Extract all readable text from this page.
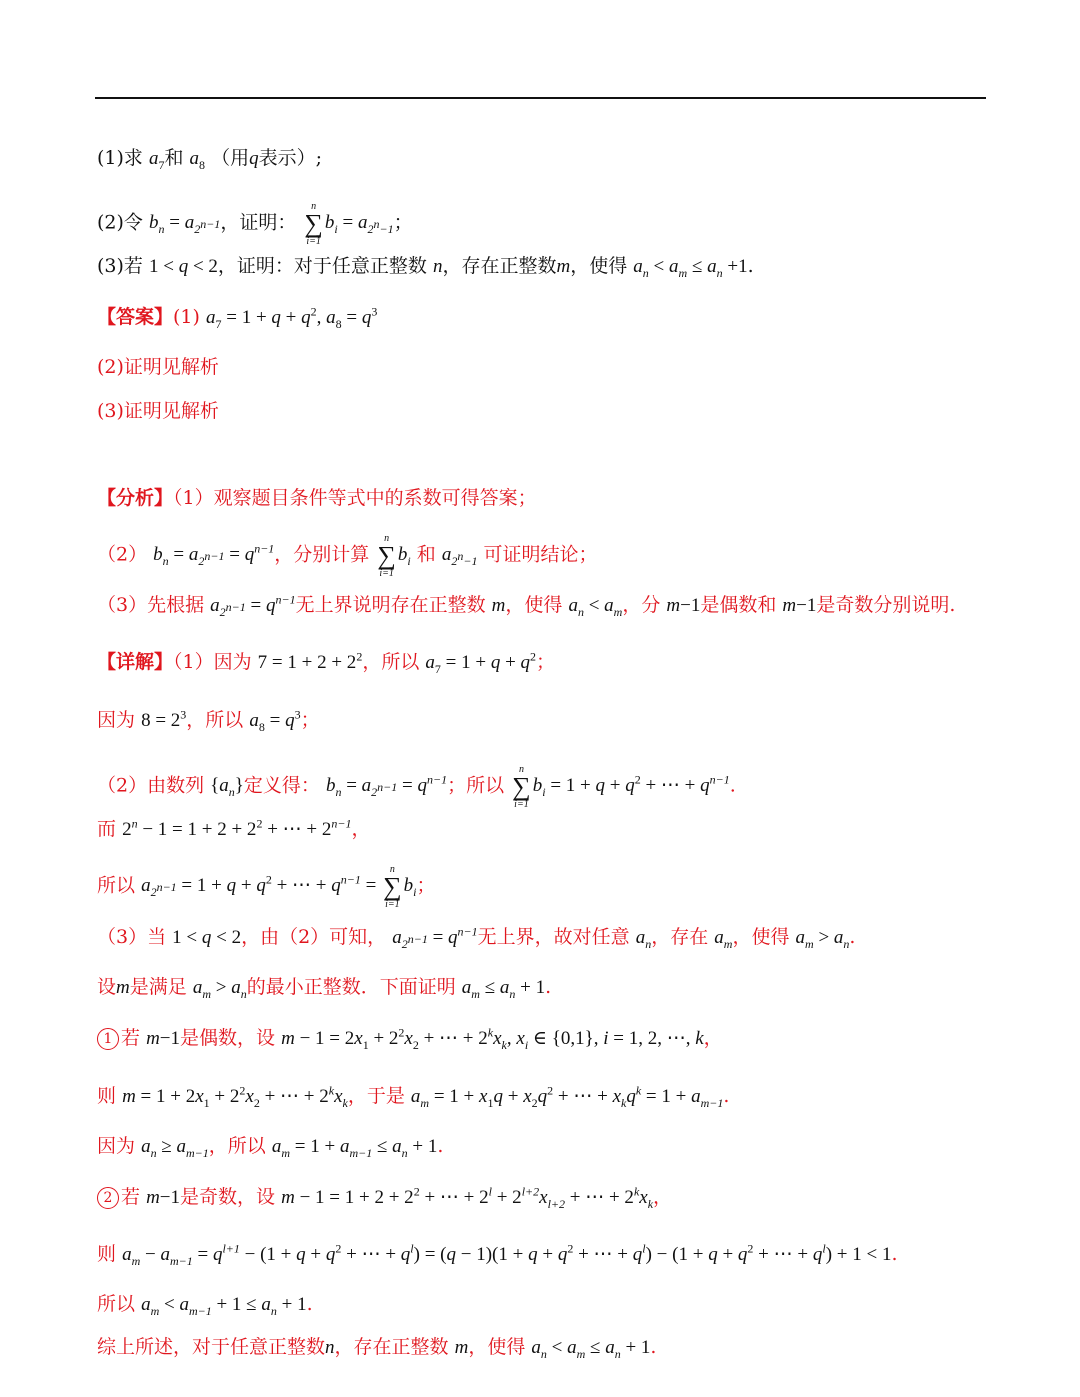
(1)求 $a_7$和 $a_8$ （用q表示）;
(2)令 $b_n = a_{2^{n-1}}$，证明：
n
∑
i=1
$b_i = a_{2^n-1}$；
(3)若 1 < q < 2，证明：对于任意正整数 n，存在正整数m，使得 $a_n < a_m \le a_n +1$.
【答案】(1) $a_7 = 1 + q + q^2$, $a_8 = q^3$
(2)证明见解析
(3)证明见解析
【分析】（1）观察题目条件等式中的系数可得答案；
（2） $b_n = a_{2^{n-1}} = q^{n-1}$，分别计算
n
∑
i=1
$b_i$ 和 $a_{2^n-1}$ 可证明结论；
（3）先根据 $a_{2^{n-1}} = q^{n-1}$无上界说明存在正整数 m，使得 $a_n < a_m$，分 m−1是偶数和 m−1是奇数分别说明.
【详解】（1）因为 $7 = 1 + 2 + 2^2$，所以 $a_7 = 1 + q + q^2$；
因为 $8 = 2^3$，所以 $a_8 = q^3$；
（2）由数列 $\{a_n\}$定义得： $b_n = a_{2^{n-1}} = q^{n-1}$；所以
n
∑
i=1
$b_i = 1 + q + q^2$ + ⋯ + $q^{n-1}$.
而 $2^n - 1 = 1 + 2 + 2^2$ + ⋯ + $2^{n-1}$，
所以 $a_{2^{n-1}} = 1 + q + q^2$ + ⋯ + $q^{n-1}$ =
n
∑
i=1
$b_i$；
（3）当 1 < q < 2，由（2）可知， $a_{2^{n-1}} = q^{n-1}$无上界，故对任意 $a_n$，存在 $a_m$，使得 $a_m > a_n$.
设m是满足 $a_m > a_n$的最小正整数．下面证明 $a_m \le a_n + 1$.
1 若 m−1是偶数，设 $m - 1 = 2x_1 + 2^2x_2$ + ⋯ + $2^kx_k$, $x_i$ ∈ {0,1}, i = 1, 2, ⋯, k，
则 $m = 1 + 2x_1 + 2^2x_2$ + ⋯ + $2^kx_k$，于是 $a_m = 1 + x_1q + x_2q^2$ + ⋯ + $x_kq^k = 1 + a_{m-1}$.
因为 $a_n \ge a_{m-1}$，所以 $a_m = 1 + a_{m-1} \le a_n + 1$.
2 若 m−1是奇数，设 $m - 1 = 1 + 2 + 2^2$ + ⋯ + $2^l + 2^{l+2}x_{l+2}$ + ⋯ + $2^kx_k$，
则 $a_m - a_{m-1} = q^{l+1} - (1 + q + q^2$ + ⋯ + $q^l) = (q - 1)(1 + q + q^2$ + ⋯ + $q^l) - (1 + q + q^2$ + ⋯ + $q^l) + 1 < 1$.
所以 $a_m < a_{m-1} + 1 \le a_n + 1$.
综上所述，对于任意正整数n，存在正整数 m，使得 $a_n < a_m \le a_n + 1$.
